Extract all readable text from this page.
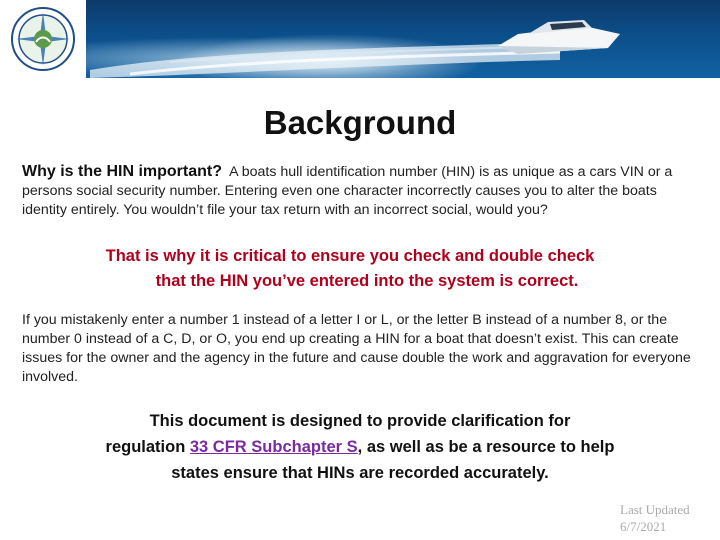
Background
Why is the HIN important? A boats hull identification number (HIN) is as unique as a cars VIN or a persons social security number. Entering even one character incorrectly causes you to alter the boats identity entirely. You wouldn’t file your tax return with an incorrect social, would you?
That is why it is critical to ensure you check and double check
that the HIN you’ve entered into the system is correct.
If you mistakenly enter a number 1 instead of a letter I or L, or the letter B instead of a number 8, or the number 0 instead of a C, D, or O, you end up creating a HIN for a boat that doesn’t exist. This can create issues for the owner and the agency in the future and cause double the work and aggravation for everyone involved.
This document is designed to provide clarification for
regulation 33 CFR Subchapter S, as well as be a resource to help
states ensure that HINs are recorded accurately.
Last Updated
6/7/2021
